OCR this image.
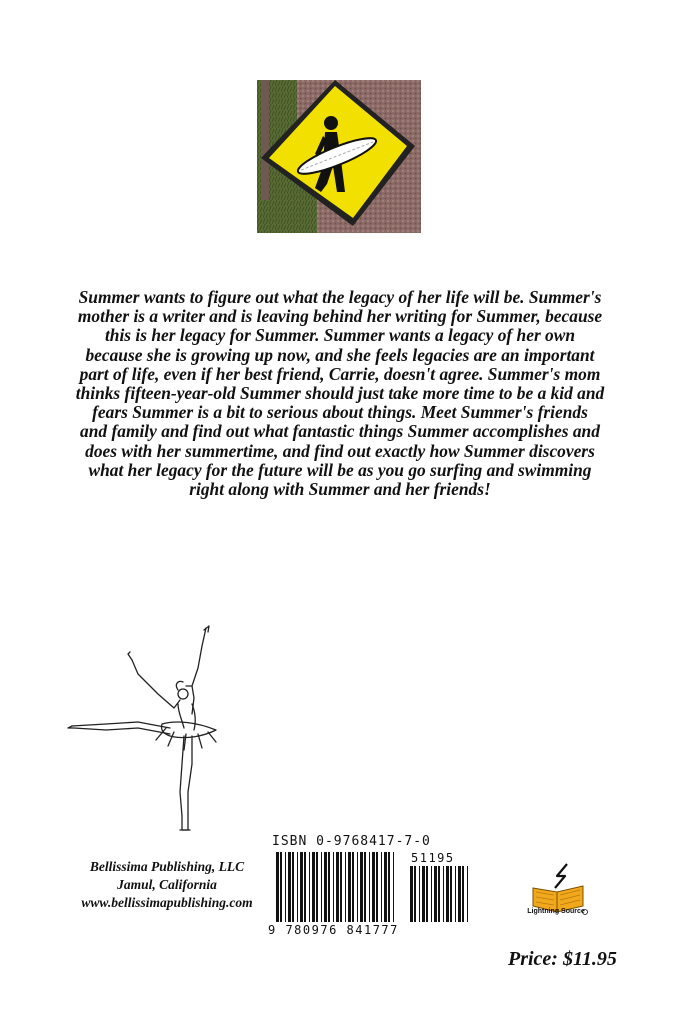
Summer wants to figure out what the legacy of her life will be. Summer's
mother is a writer and is leaving behind her writing for Summer, because
this is her legacy for Summer. Summer wants a legacy of her own
because she is growing up now, and she feels legacies are an important
part of life, even if her best friend, Carrie, doesn't agree. Summer's mom
thinks fifteen-year-old Summer should just take more time to be a kid and
fears Summer is a bit to serious about things. Meet Summer's friends
and family and find out what fantastic things Summer accomplishes and
does with her summertime, and find out exactly how Summer discovers
what her legacy for the future will be as you go surfing and swimming
right along with Summer and her friends!
Bellissima Publishing, LLC
Jamul, California
www.bellissimapublishing.com
ISBN 0-9768417-7-0
51195
9 780976 841777
Lightning Source
Price: $11.95
